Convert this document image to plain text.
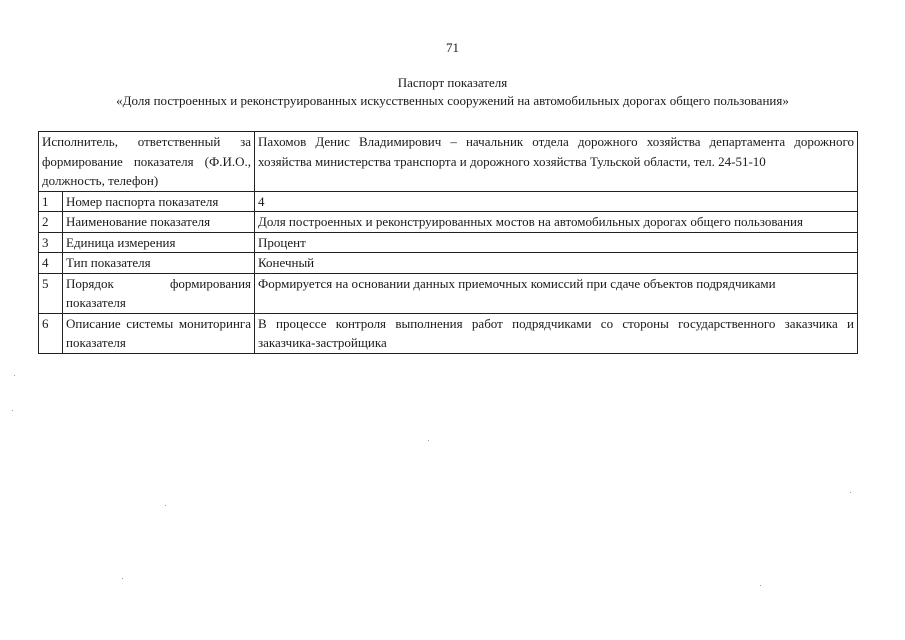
71
Паспорт показателя
«Доля построенных и реконструированных искусственных сооружений на автомобильных дорогах общего пользования»
Исполнитель, ответственный за формирование показателя (Ф.И.О., должность, телефон)		Пахомов Денис Владимирович – начальник отдела дорожного хозяйства департамента дорожного хозяйства министерства транспорта и дорожного хозяйства Тульской области, тел. 24-51-10
1	Номер паспорта показателя	4
2	Наименование показателя	Доля построенных и реконструированных мостов на автомобильных дорогах общего пользования
3	Единица измерения	Процент
4	Тип показателя	Конечный
5	Порядок формирования показателя	Формируется на основании данных приемочных комиссий при сдаче объектов подрядчиками
6	Описание системы мониторинга показателя	В процессе контроля выполнения работ подрядчиками со стороны государственного заказчика и заказчика-застройщика
